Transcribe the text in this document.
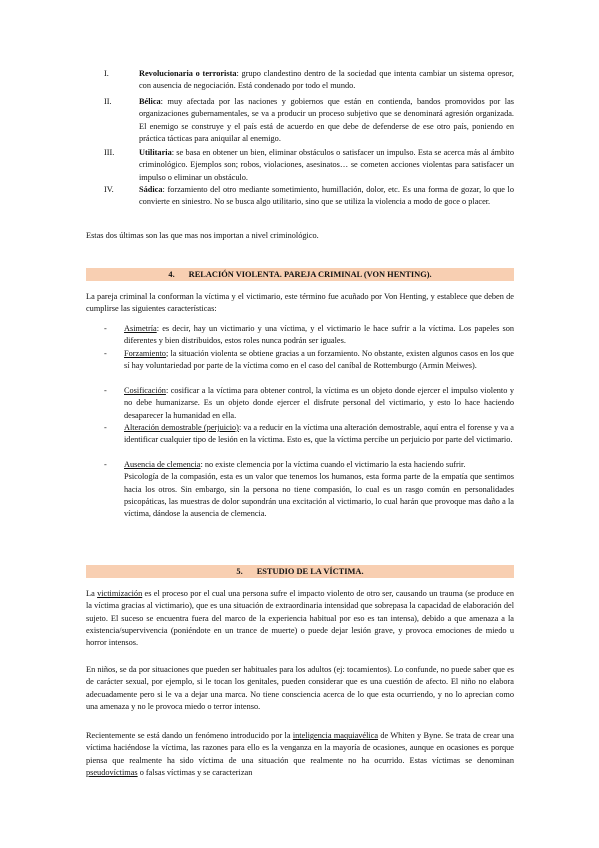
I.	Revolucionaria o terrorista: grupo clandestino dentro de la sociedad que intenta cambiar un sistema opresor, con ausencia de negociación. Está condenado por todo el mundo.
II.	Bélica: muy afectada por las naciones y gobiernos que están en contienda, bandos promovidos por las organizaciones gubernamentales, se va a producir un proceso subjetivo que se denominará agresión organizada. El enemigo se construye y el país está de acuerdo en que debe de defenderse de ese otro país, poniendo en práctica tácticas para aniquilar al enemigo.
III.	Utilitaria: se basa en obtener un bien, eliminar obstáculos o satisfacer un impulso. Esta se acerca más al ámbito criminológico. Ejemplos son; robos, violaciones, asesinatos… se cometen acciones violentas para satisfacer un impulso o eliminar un obstáculo.
IV.	Sádica: forzamiento del otro mediante sometimiento, humillación, dolor, etc. Es una forma de gozar, lo que lo convierte en siniestro. No se busca algo utilitario, sino que se utiliza la violencia a modo de goce o placer.
Estas dos últimas son las que mas nos importan a nivel criminológico.
4. RELACIÓN VIOLENTA. PAREJA CRIMINAL (VON HENTING).
La pareja criminal la conforman la víctima y el victimario, este término fue acuñado por Von Henting, y establece que deben de cumplirse las siguientes características:
- Asimetría: es decir, hay un victimario y una víctima, y el victimario le hace sufrir a la víctima. Los papeles son diferentes y bien distribuidos, estos roles nunca podrán ser iguales.
- Forzamiento; la situación violenta se obtiene gracias a un forzamiento. No obstante, existen algunos casos en los que sí hay voluntariedad por parte de la víctima como en el caso del caníbal de Rottemburgo (Armin Meiwes).
- Cosificación: cosificar a la víctima para obtener control, la víctima es un objeto donde ejercer el impulso violento y no debe humanizarse. Es un objeto donde ejercer el disfrute personal del victimario, y esto lo hace haciendo desaparecer la humanidad en ella.
- Alteración demostrable (perjuicio): va a reducir en la víctima una alteración demostrable, aquí entra el forense y va a identificar cualquier tipo de lesión en la víctima. Esto es, que la víctima percibe un perjuicio por parte del victimario.
- Ausencia de clemencia: no existe clemencia por la víctima cuando el victimario la esta haciendo sufrir.
Psicología de la compasión, esta es un valor que tenemos los humanos, esta forma parte de la empatía que sentimos hacia los otros. Sin embargo, sin la persona no tiene compasión, lo cual es un rasgo común en personalidades psicopáticas, las muestras de dolor supondrán una excitación al victimario, lo cual harán que provoque mas daño a la víctima, dándose la ausencia de clemencia.
5. ESTUDIO DE LA VÍCTIMA.
La victimización es el proceso por el cual una persona sufre el impacto violento de otro ser, causando un trauma (se produce en la víctima gracias al victimario), que es una situación de extraordinaria intensidad que sobrepasa la capacidad de elaboración del sujeto. El suceso se encuentra fuera del marco de la experiencia habitual por eso es tan intensa), debido a que amenaza a la existencia/supervivencia (poniéndote en un trance de muerte) o puede dejar lesión grave, y provoca emociones de miedo u horror intensos.
En niños, se da por situaciones que pueden ser habituales para los adultos (ej: tocamientos). Lo confunde, no puede saber que es de carácter sexual, por ejemplo, si le tocan los genitales, pueden considerar que es una cuestión de afecto. El niño no elabora adecuadamente pero si le va a dejar una marca. No tiene consciencia acerca de lo que esta ocurriendo, y no lo aprecian como una amenaza y no le provoca miedo o terror intenso.
Recientemente se está dando un fenómeno introducido por la inteligencia maquiavélica de Whiten y Byne. Se trata de crear una víctima haciéndose la víctima, las razones para ello es la venganza en la mayoría de ocasiones, aunque en ocasiones es porque piensa que realmente ha sido víctima de una situación que realmente no ha ocurrido. Estas víctimas se denominan pseudovíctimas o falsas víctimas y se caracterizan
